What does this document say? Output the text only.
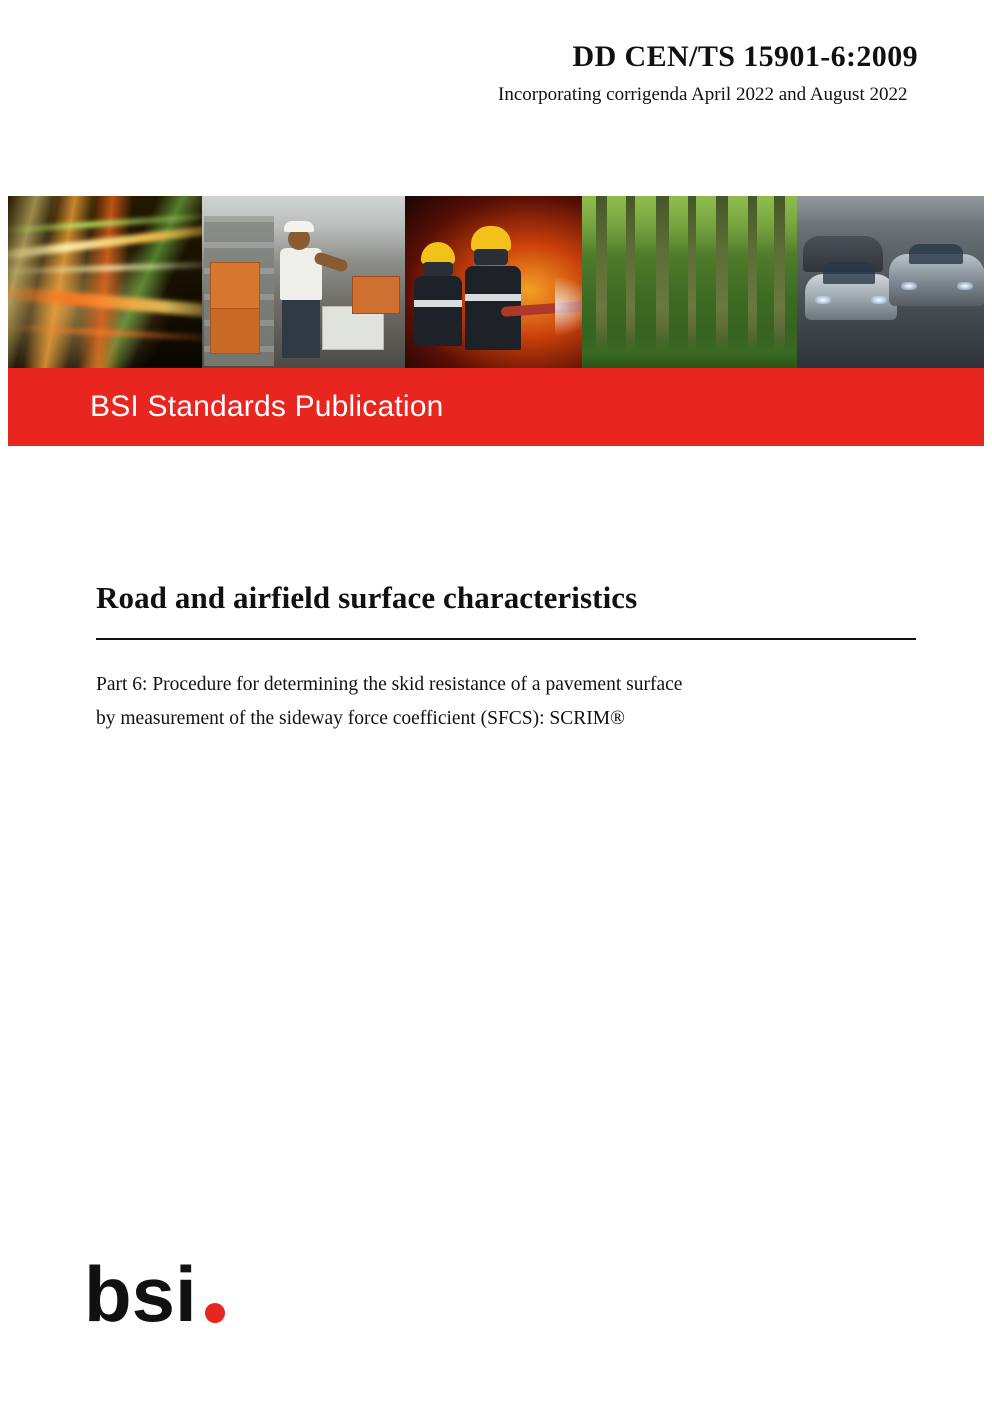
DD CEN/TS 15901-6:2009
Incorporating corrigenda April 2022 and August 2022
BSI Standards Publication
Road and airfield surface characteristics
Part 6: Procedure for determining the skid resistance of a pavement surface
by measurement of the sideway force coefficient (SFCS): SCRIM®
bsi
